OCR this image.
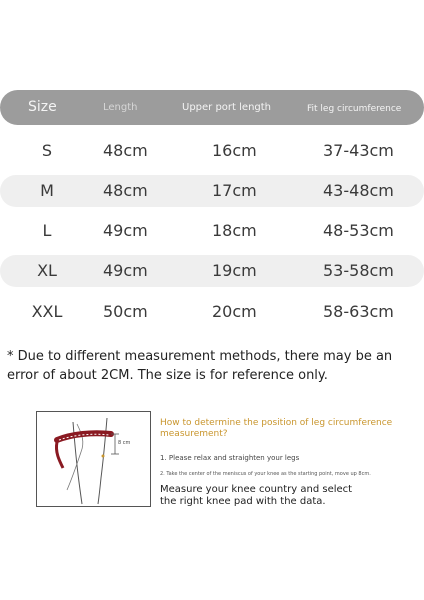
Size	Length	Upper port length	Fit leg circumference
S	48cm	16cm	37-43cm
M	48cm	17cm	43-48cm
L	49cm	18cm	48-53cm
XL	49cm	19cm	53-58cm
XXL	50cm	20cm	58-63cm

* Due to different measurement methods, there may be an error of about 2CM. The size is for reference only.

8 cm

How to determine the position of leg circumference measurement?

1. Please relax and straighten your legs
2. Take the center of the meniscus of your knee as the starting point, move up 8cm.

Measure your knee country and select the right knee pad with the data.
